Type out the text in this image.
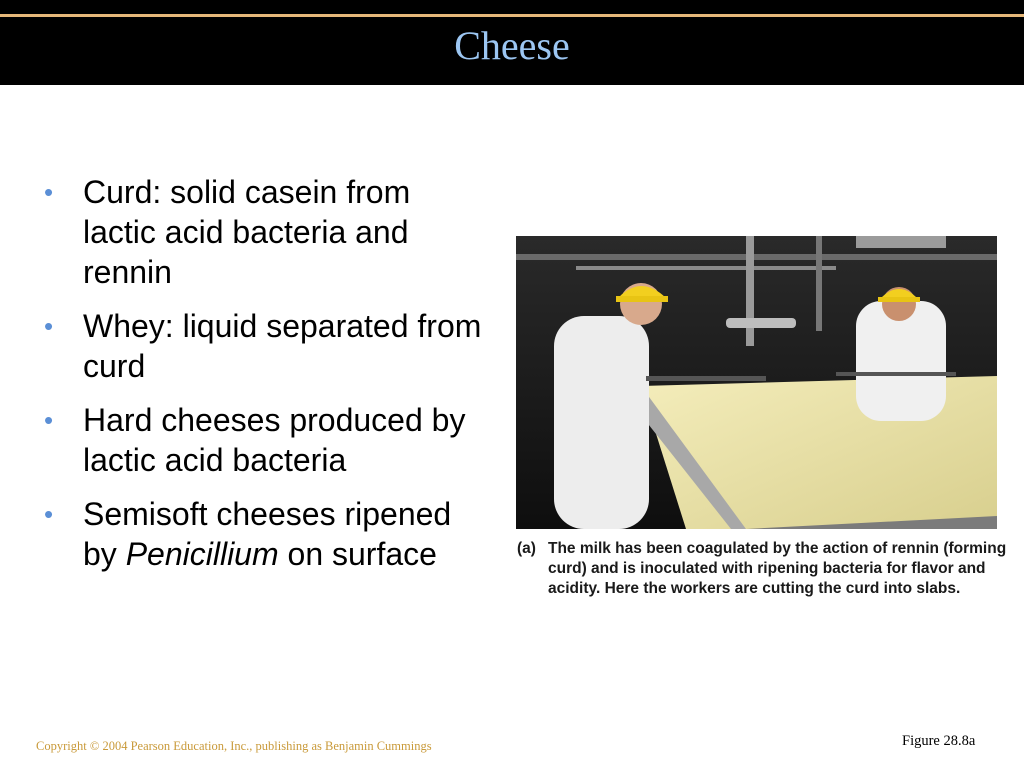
Cheese
• Curd: solid casein from lactic acid bacteria and rennin
• Whey: liquid separated from curd
• Hard cheeses produced by lactic acid bacteria
• Semisoft cheeses ripened by Penicillium on surface	(a) The milk has been coagulated by the action of rennin (forming curd) and is inoculated with ripening bacteria for flavor and acidity. Here the workers are cutting the curd into slabs.
Copyright © 2004 Pearson Education, Inc., publishing as Benjamin Cummings	Figure 28.8a
